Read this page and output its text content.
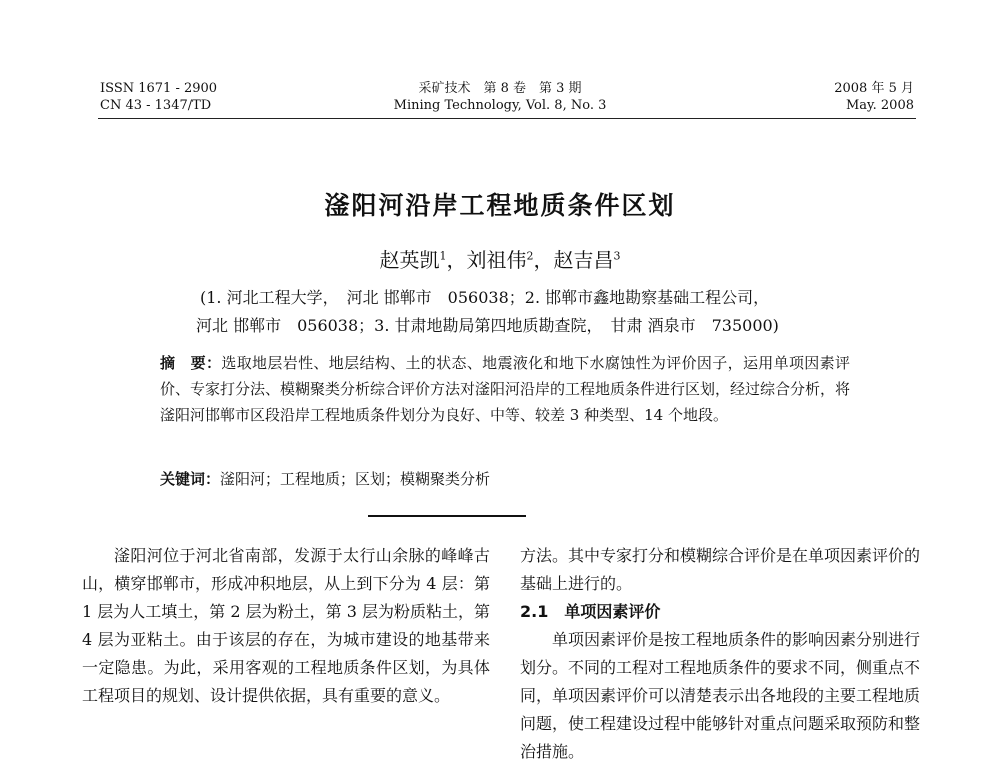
ISSN 1671 - 2900
CN 43 - 1347/TD
采矿技术　第 8 卷　第 3 期
Mining Technology, Vol. 8, No. 3
2008 年 5 月
May. 2008
滏阳河沿岸工程地质条件区划
赵英凯$^1$，刘祖伟$^2$，赵吉昌$^3$
(1. 河北工程大学，　河北 邯郸市　056038；2. 邯郸市鑫地勘察基础工程公司，
河北 邯郸市　056038；3. 甘肃地勘局第四地质勘查院，　甘肃 酒泉市　735000)
摘　要：选取地层岩性、地层结构、土的状态、地震液化和地下水腐蚀性为评价因子，运用单项因素评价、专家打分法、模糊聚类分析综合评价方法对滏阳河沿岸的工程地质条件进行区划，经过综合分析，将滏阳河邯郸市区段沿岸工程地质条件划分为良好、中等、较差 3 种类型、14 个地段。
关键词：滏阳河；工程地质；区划；模糊聚类分析

滏阳河位于河北省南部，发源于太行山余脉的峰峰古山，横穿邯郸市，形成冲积地层，从上到下分为 4 层：第 1 层为人工填土，第 2 层为粉土，第 3 层为粉质粘土，第 4 层为亚粘土。由于该层的存在，为城市建设的地基带来一定隐患。为此，采用客观的工程地质条件区划，为具体工程项目的规划、设计提供依据，具有重要的意义。

方法。其中专家打分和模糊综合评价是在单项因素评价的基础上进行的。

2.1　单项因素评价

单项因素评价是按工程地质条件的影响因素分别进行划分。不同的工程对工程地质条件的要求不同，侧重点不同，单项因素评价可以清楚表示出各地段的主要工程地质问题，使工程建设过程中能够针对重点问题采取预防和整治措施。
